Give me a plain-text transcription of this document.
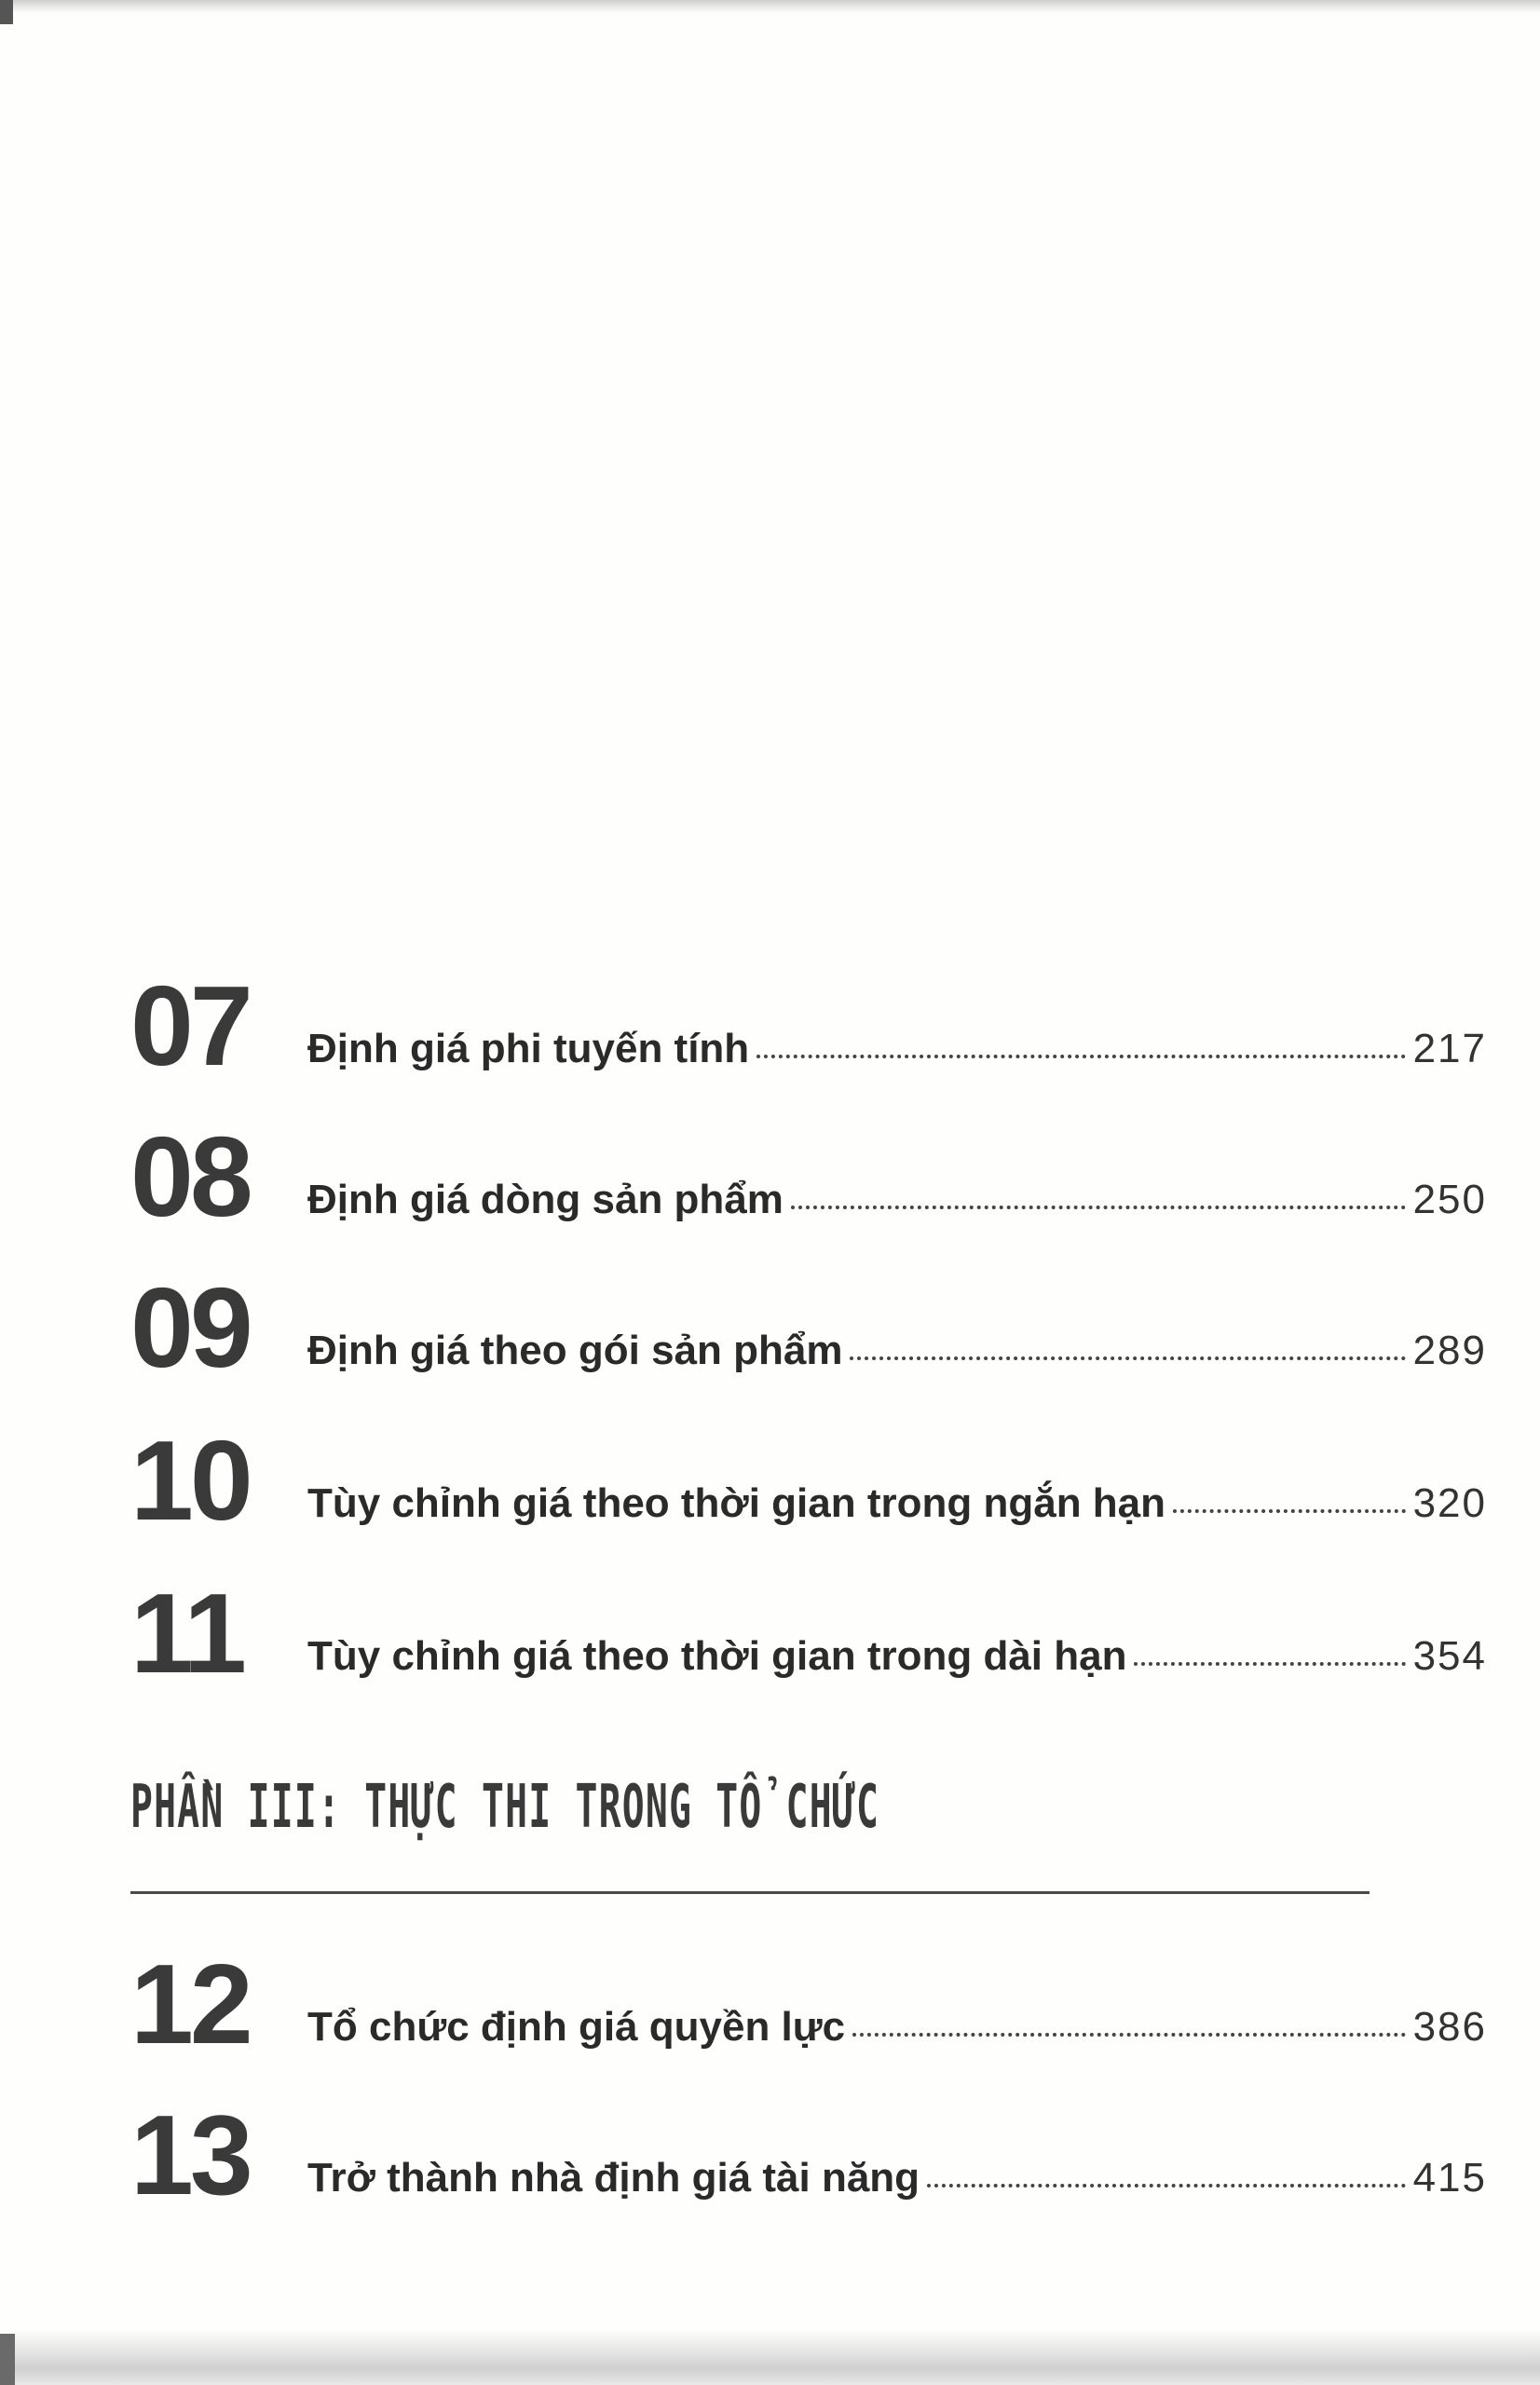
07 Định giá phi tuyến tính	217
08 Định giá dòng sản phẩm	250
09 Định giá theo gói sản phẩm	289
10 Tùy chỉnh giá theo thời gian trong ngắn hạn	320
11 Tùy chỉnh giá theo thời gian trong dài hạn	354
PHẦN III: THỰC THI TRONG TỔ CHỨC
12 Tổ chức định giá quyền lực	386
13 Trở thành nhà định giá tài năng	415
